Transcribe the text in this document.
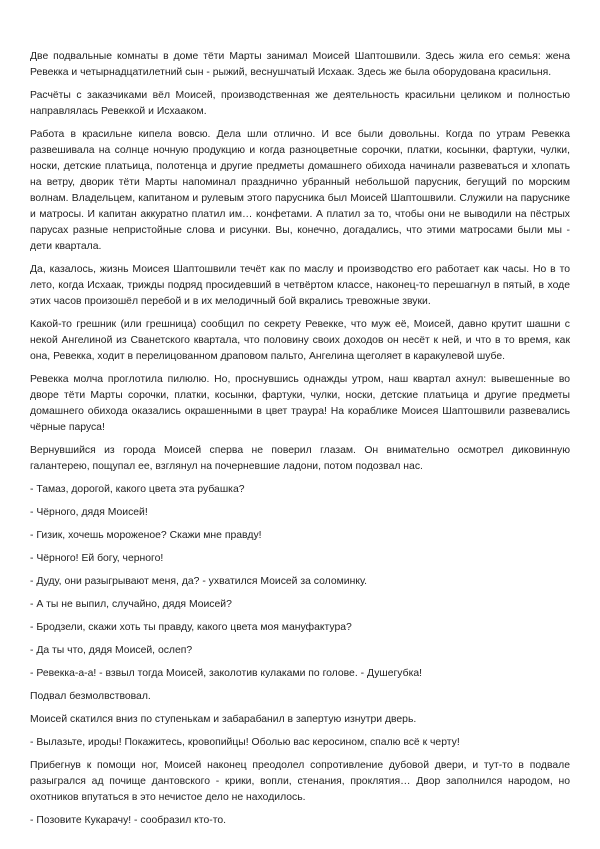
Две подвальные комнаты в доме тёти Марты занимал Моисей Шаптошвили. Здесь жила его семья: жена Ревекка и четырнадцатилетний сын - рыжий, веснушчатый Исхаак. Здесь же была оборудована красильня.

Расчёты с заказчиками вёл Моисей, производственная же деятельность красильни целиком и полностью направлялась Ревеккой и Исхааком.

Работа в красильне кипела вовсю. Дела шли отлично. И все были довольны. Когда по утрам Ревекка развешивала на солнце ночную продукцию и когда разноцветные сорочки, платки, косынки, фартуки, чулки, носки, детские платьица, полотенца и другие предметы домашнего обихода начинали развеваться и хлопать на ветру, дворик тёти Марты напоминал празднично убранный небольшой парусник, бегущий по морским волнам. Владельцем, капитаном и рулевым этого парусника был Моисей Шаптошвили. Служили на паруснике и матросы. И капитан аккуратно платил им… конфетами. А платил за то, чтобы они не выводили на пёстрых парусах разные непристойные слова и рисунки. Вы, конечно, догадались, что этими матросами были мы - дети квартала.

Да, казалось, жизнь Моисея Шаптошвили течёт как по маслу и производство его работает как часы. Но в то лето, когда Исхаак, трижды подряд просидевший в четвёртом классе, наконец-то перешагнул в пятый, в ходе этих часов произошёл перебой и в их мелодичный бой вкрались тревожные звуки.

Какой-то грешник (или грешница) сообщил по секрету Ревекке, что муж её, Моисей, давно крутит шашни с некой Ангелиной из Сванетского квартала, что половину своих доходов он несёт к ней, и что в то время, как она, Ревекка, ходит в перелицованном драповом пальто, Ангелина щеголяет в каракулевой шубе.

Ревекка молча проглотила пилюлю. Но, проснувшись однажды утром, наш квартал ахнул: вывешенные во дворе тёти Марты сорочки, платки, косынки, фартуки, чулки, носки, детские платьица и другие предметы домашнего обихода оказались окрашенными в цвет траура! На кораблике Моисея Шаптошвили развевались чёрные паруса!

Вернувшийся из города Моисей сперва не поверил глазам. Он внимательно осмотрел диковинную галантерею, пощупал ее, взглянул на почерневшие ладони, потом подозвал нас.

- Тамаз, дорогой, какого цвета эта рубашка?

- Чёрного, дядя Моисей!

- Гизик, хочешь мороженое? Скажи мне правду!

- Чёрного! Ей богу, черного!

- Дуду, они разыгрывают меня, да? - ухватился Моисей за соломинку.

- А ты не выпил, случайно, дядя Моисей?

- Бродзели, скажи хоть ты правду, какого цвета моя мануфактура?

- Да ты что, дядя Моисей, ослеп?

- Ревекка-а-а! - взвыл тогда Моисей, заколотив кулаками по голове. - Душегубка!

Подвал безмолвствовал.

Моисей скатился вниз по ступенькам и забарабанил в запертую изнутри дверь.

- Вылазьте, ироды! Покажитесь, кровопийцы! Оболью вас керосином, спалю всё к черту!

Прибегнув к помощи ног, Моисей наконец преодолел сопротивление дубовой двери, и тут-то в подвале разыгрался ад почище дантовского - крики, вопли, стенания, проклятия… Двор заполнился народом, но охотников впутаться в это нечистое дело не находилось.

- Позовите Кукарачу! - сообразил кто-то.
